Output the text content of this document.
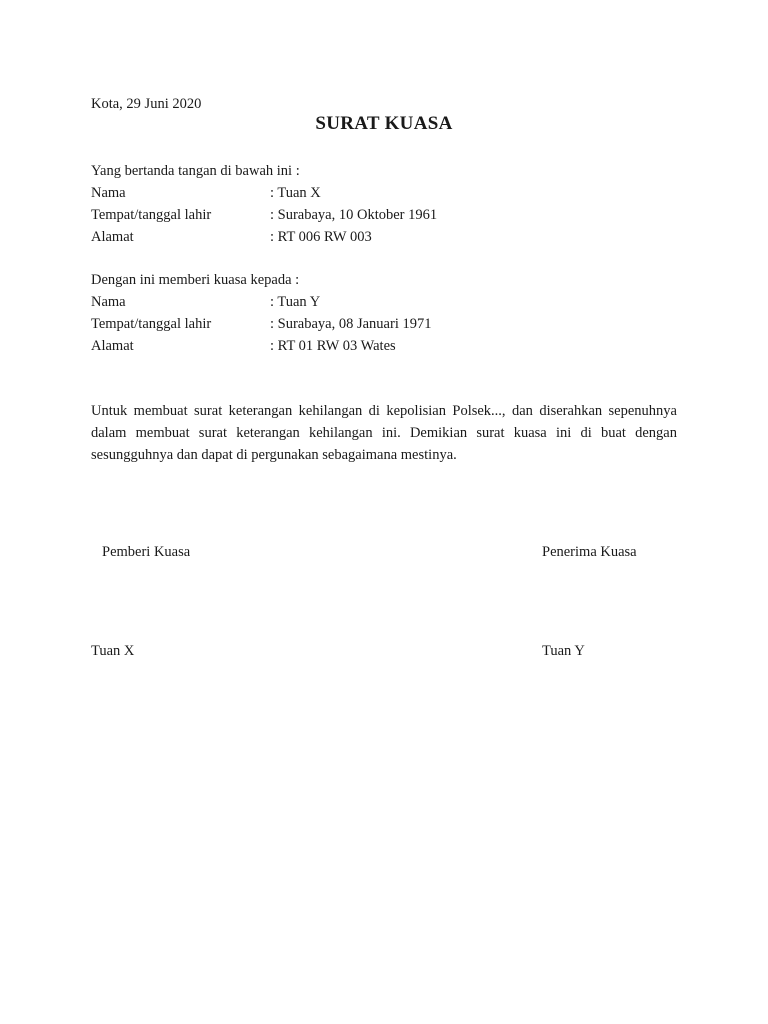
Kota, 29 Juni 2020
SURAT KUASA
Yang bertanda tangan di bawah ini :
Nama	: Tuan X
Tempat/tanggal lahir	: Surabaya, 10 Oktober 1961
Alamat	: RT 006 RW 003
Dengan ini memberi kuasa kepada :
Nama	: Tuan Y
Tempat/tanggal lahir	: Surabaya, 08 Januari 1971
Alamat	: RT 01 RW 03 Wates
Untuk membuat surat keterangan kehilangan di kepolisian Polsek..., dan diserahkan sepenuhnya dalam membuat surat keterangan kehilangan ini. Demikian surat kuasa ini di buat dengan sesungguhnya dan dapat di pergunakan sebagaimana mestinya.
Pemberi Kuasa	Penerima Kuasa
Tuan X	Tuan Y
